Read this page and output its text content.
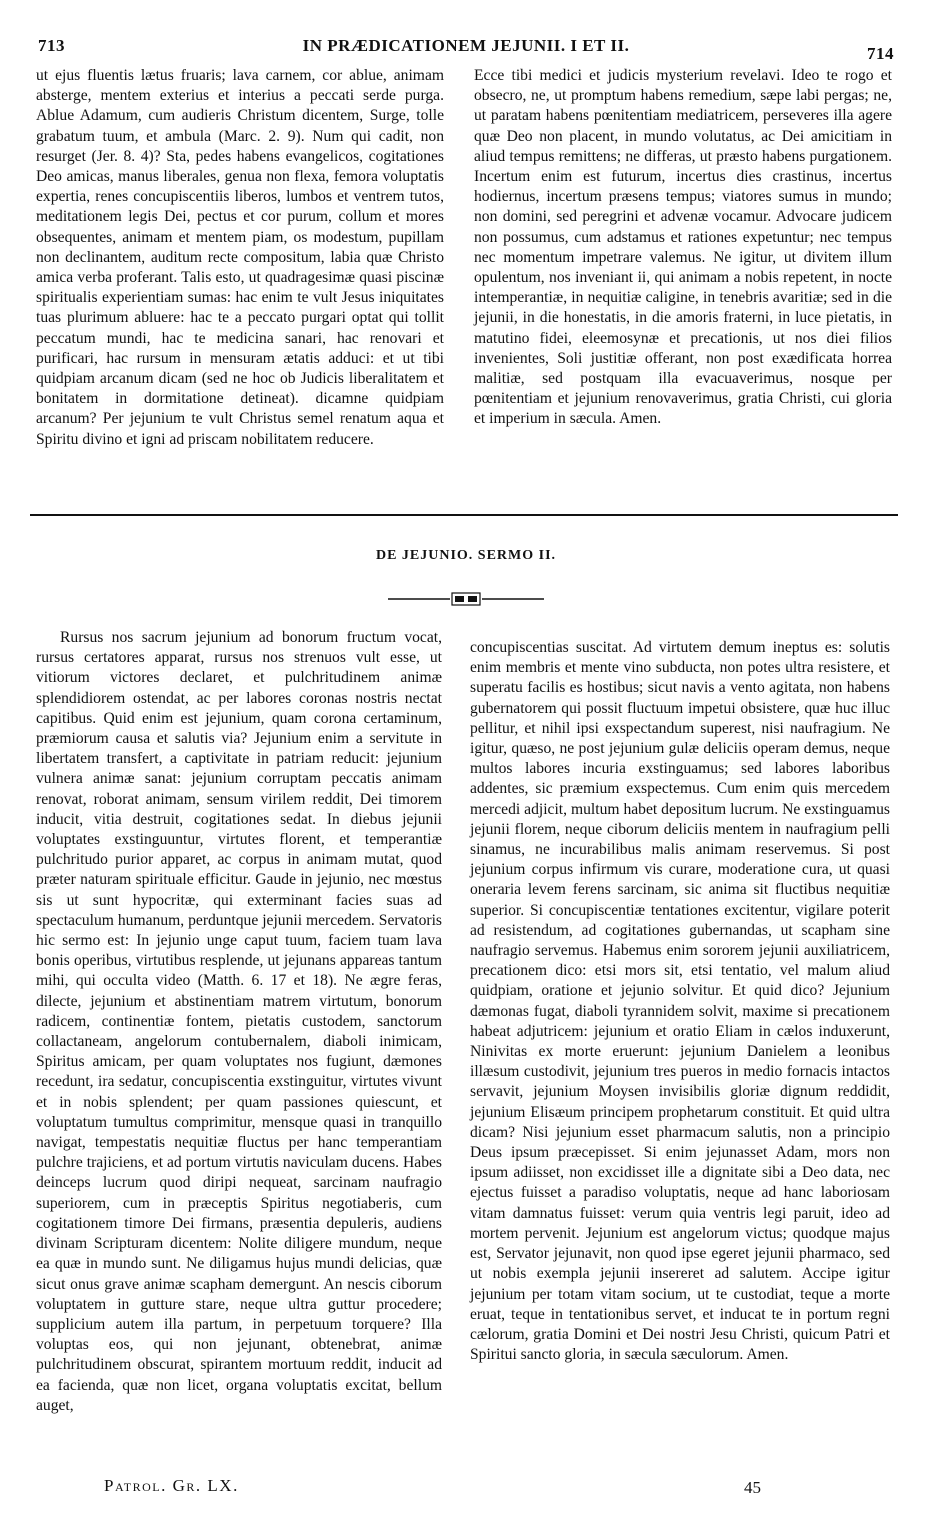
713	IN PRÆDICATIONEM JEJUNII. I ET II.	714

ut ejus fluentis lætus fruaris; lava carnem, cor ablue, animam absterge, mentem exterius et interius a peccati serde purga. Ablue Adamum, cum audieris Christum dicentem, Surge, tolle grabatum tuum, et ambula (Marc. 2. 9). Num qui cadit, non resurget (Jer. 8. 4)? Sta, pedes habens evangelicos, cogitationes Deo amicas, manus liberales, genua non flexa, femora voluptatis expertia, renes concupiscentiis liberos, lumbos et ventrem tutos, meditationem legis Dei, pectus et cor purum, collum et mores obsequentes, animam et mentem piam, os modestum, pupillam non declinantem, auditum recte compositum, labia quæ Christo amica verba proferant. Talis esto, ut quadragesimæ quasi piscinæ spiritualis experientiam sumas: hac enim te vult Jesus iniquitates tuas plurimum abluere: hac te a peccato purgari optat qui tollit peccatum mundi, hac te medicina sanari, hac renovari et purificari, hac rursum in mensuram ætatis adduci: et ut tibi quidpiam arcanum dicam (sed ne hoc ob Judicis liberalitatem et bonitatem in dormitatione detineat). dicamne quidpiam arcanum? Per jejunium te vult Christus semel renatum aqua et Spiritu divino et igni ad priscam nobilitatem reducere.

Ecce tibi medici et judicis mysterium revelavi. Ideo te rogo et obsecro, ne, ut promptum habens remedium, sæpe labi pergas; ne, ut paratam habens pœnitentiam mediatricem, perseveres illa agere quæ Deo non placent, in mundo volutatus, ac Dei amicitiam in aliud tempus remittens; ne differas, ut præsto habens purgationem. Incertum enim est futurum, incertus dies crastinus, incertus hodiernus, incertum præsens tempus; viatores sumus in mundo; non domini, sed peregrini et advenæ vocamur. Advocare judicem non possumus, cum adstamus et rationes expetuntur; nec tempus nec momentum impetrare valemus. Ne igitur, ut divitem illum opulentum, nos inveniant ii, qui animam a nobis repetent, in nocte intemperantiæ, in nequitiæ caligine, in tenebris avaritiæ; sed in die jejunii, in die honestatis, in die amoris fraterni, in luce pietatis, in matutino fidei, eleemosynæ et precationis, ut nos diei filios invenientes, Soli justitiæ offerant, non post exædificata horrea malitiæ, sed postquam illa evacuaverimus, nosque per pœnitentiam et jejunium renovaverimus, gratia Christi, cui gloria et imperium in sæcula. Amen.

DE JEJUNIO. SERMO II.

Rursus nos sacrum jejunium ad bonorum fructum vocat, rursus certatores apparat, rursus nos strenuos vult esse, ut vitiorum victores declaret, et pulchritudinem animæ splendidiorem ostendat, ac per labores coronas nostris nectat capitibus. Quid enim est jejunium, quam corona certaminum, præmiorum causa et salutis via? Jejunium enim a servitute in libertatem transfert, a captivitate in patriam reducit: jejunium vulnera animæ sanat: jejunium corruptam peccatis animam renovat, roborat animam, sensum virilem reddit, Dei timorem inducit, vitia destruit, cogitationes sedat. In diebus jejunii voluptates exstinguuntur, virtutes florent, et temperantiæ pulchritudo purior apparet, ac corpus in animam mutat, quod præter naturam spirituale efficitur. Gaude in jejunio, nec mœstus sis ut sunt hypocritæ, qui exterminant facies suas ad spectaculum humanum, perduntque jejunii mercedem. Servatoris hic sermo est: In jejunio unge caput tuum, faciem tuam lava bonis operibus, virtutibus resplende, ut jejunans appareas tantum mihi, qui occulta video (Matth. 6. 17 et 18). Ne ægre feras, dilecte, jejunium et abstinentiam matrem virtutum, bonorum radicem, continentiæ fontem, pietatis custodem, sanctorum collactaneam, angelorum contubernalem, diaboli inimicam, Spiritus amicam, per quam voluptates nos fugiunt, dæmones recedunt, ira sedatur, concupiscentia exstinguitur, virtutes vivunt et in nobis splendent; per quam passiones quiescunt, et voluptatum tumultus comprimitur, mensque quasi in tranquillo navigat, tempestatis nequitiæ fluctus per hanc temperantiam pulchre trajiciens, et ad portum virtutis naviculam ducens. Habes deinceps lucrum quod diripi nequeat, sarcinam naufragio superiorem, cum in præceptis Spiritus negotiaberis, cum cogitationem timore Dei firmans, præsentia depuleris, audiens divinam Scripturam dicentem: Nolite diligere mundum, neque ea quæ in mundo sunt. Ne diligamus hujus mundi delicias, quæ sicut onus grave animæ scapham demergunt. An nescis ciborum voluptatem in gutture stare, neque ultra guttur procedere; supplicium autem illa partum, in perpetuum torquere? Illa voluptas eos, qui non jejunant, obtenebrat, animæ pulchritudinem obscurat, spirantem mortuum reddit, inducit ad ea facienda, quæ non licet, organa voluptatis excitat, bellum auget,

concupiscentias suscitat. Ad virtutem demum ineptus es: solutis enim membris et mente vino subducta, non potes ultra resistere, et superatu facilis es hostibus; sicut navis a vento agitata, non habens gubernatorem qui possit fluctuum impetui obsistere, quæ huc illuc pellitur, et nihil ipsi exspectandum superest, nisi naufragium. Ne igitur, quæso, ne post jejunium gulæ deliciis operam demus, neque multos labores incuria exstinguamus; sed labores laboribus addentes, sic præmium exspectemus. Cum enim quis mercedem mercedi adjicit, multum habet depositum lucrum. Ne exstinguamus jejunii florem, neque ciborum deliciis mentem in naufragium pelli sinamus, ne incurabilibus malis animam reservemus. Si post jejunium corpus infirmum vis curare, moderatione cura, ut quasi oneraria levem ferens sarcinam, sic anima sit fluctibus nequitiæ superior. Si concupiscentiæ tentationes excitentur, vigilare poterit ad resistendum, ad cogitationes gubernandas, ut scapham sine naufragio servemus. Habemus enim sororem jejunii auxiliatricem, precationem dico: etsi mors sit, etsi tentatio, vel malum aliud quidpiam, oratione et jejunio solvitur. Et quid dico? Jejunium dæmonas fugat, diaboli tyrannidem solvit, maxime si precationem habeat adjutricem: jejunium et oratio Eliam in cælos induxerunt, Ninivitas ex morte eruerunt: jejunium Danielem a leonibus illæsum custodivit, jejunium tres pueros in medio fornacis intactos servavit, jejunium Moysen invisibilis gloriæ dignum reddidit, jejunium Elisæum principem prophetarum constituit. Et quid ultra dicam? Nisi jejunium esset pharmacum salutis, non a principio Deus ipsum præcepisset. Si enim jejunasset Adam, mors non ipsum adiisset, non excidisset ille a dignitate sibi a Deo data, nec ejectus fuisset a paradiso voluptatis, neque ad hanc laboriosam vitam damnatus fuisset: verum quia ventris legi paruit, ideo ad mortem pervenit. Jejunium est angelorum victus; quodque majus est, Servator jejunavit, non quod ipse egeret jejunii pharmaco, sed ut nobis exempla jejunii insereret ad salutem. Accipe igitur jejunium per totam vitam socium, ut te custodiat, teque a morte eruat, teque in tentationibus servet, et inducat te in portum regni cælorum, gratia Domini et Dei nostri Jesu Christi, quicum Patri et Spiritui sancto gloria, in sæcula sæculorum. Amen.

Patrol. Gr. LX.	45
